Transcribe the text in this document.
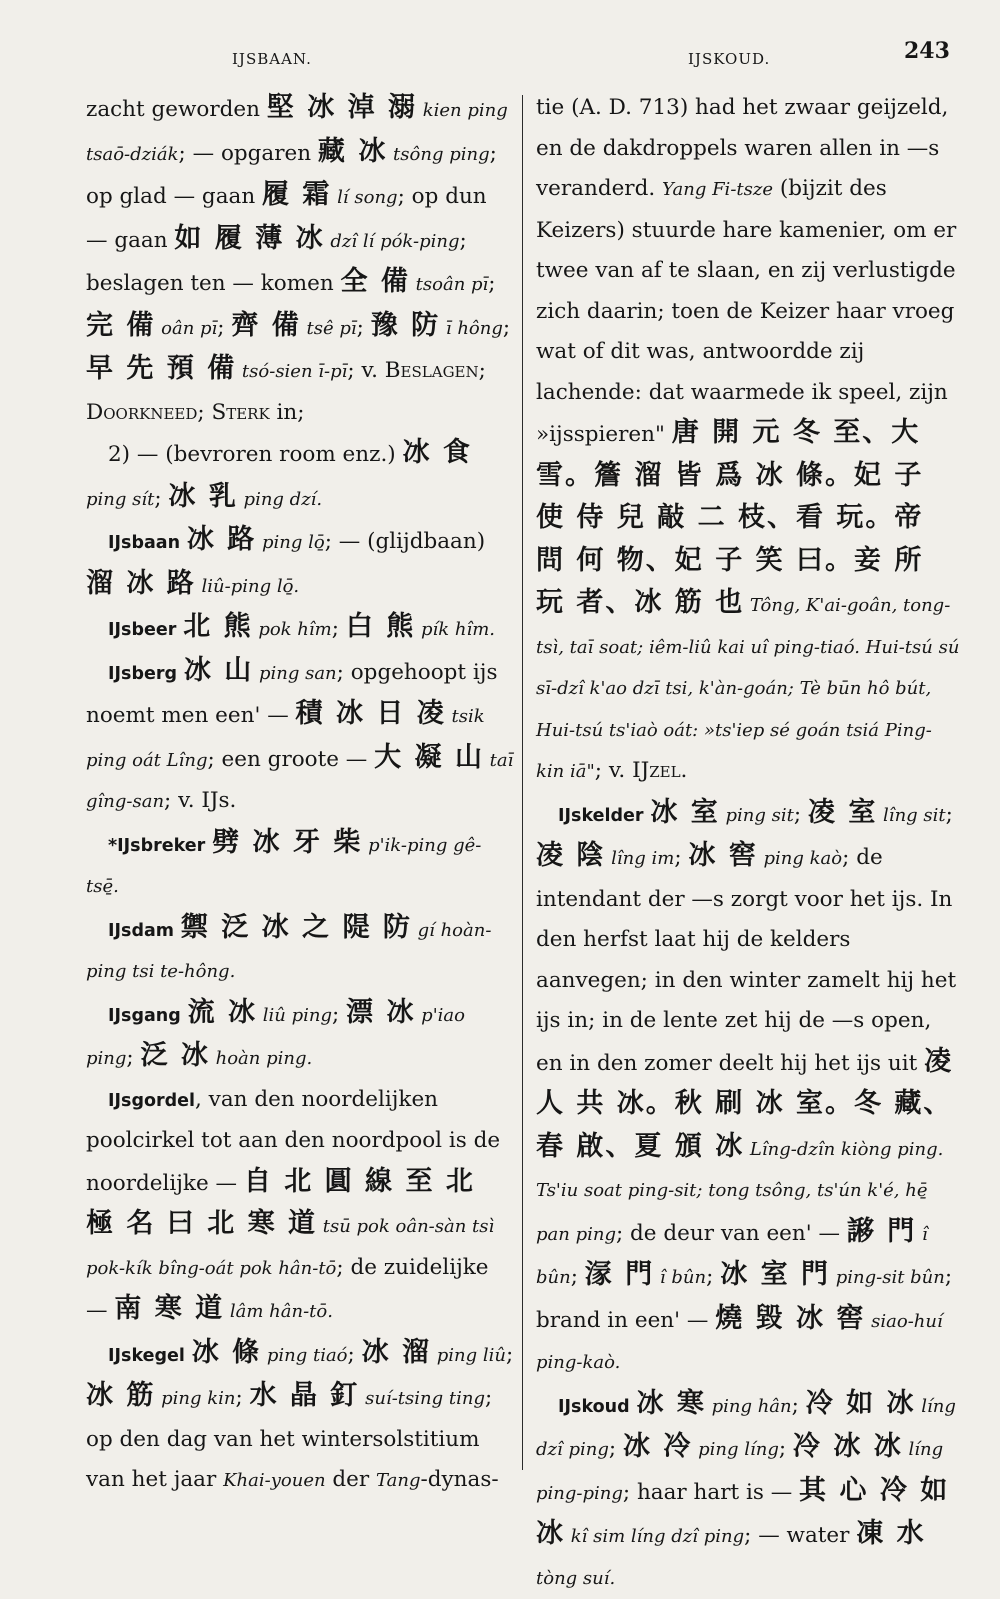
IJSBAAN.	IJSKOUD.	243

zacht geworden 堅 冰 淖 溺 kien ping tsaō-dziák; — opgaren 藏 冰 tsông ping; op glad — gaan 履 霜 lí song; op dun — gaan 如 履 薄 冰 dzî lí pók-ping; beslagen ten — komen 全 備 tsoân pī; 完 備 oân pī; 齊 備 tsê pī; 豫 防 ī hông; 早 先 預 備 tsó-sien ī-pī; v. Beslagen; Doorkneed; Sterk in;

2) — (bevroren room enz.) 冰 食 ping sít; 冰 乳 ping dzí.

IJsbaan 冰 路 ping lō̱; — (glijdbaan) 溜 冰 路 liû-ping lō̱.

IJsbeer 北 熊 pok hîm; 白 熊 pík hîm.

IJsberg 冰 山 ping san; opgehoopt ijs noemt men een' — 積 冰 日 凌 tsik ping oát Lîng; een groote — 大 凝 山 taī gîng-san; v. IJs.

*IJsbreker 劈 冰 牙 柴 p'ik-ping gê-tsē̱.

IJsdam 禦 泛 冰 之 隄 防 gí hoàn-ping tsi te-hông.

IJsgang 流 冰 liû ping; 漂 冰 p'iao ping; 泛 冰 hoàn ping.

IJsgordel, van den noordelijken poolcirkel tot aan den noordpool is de noordelijke — 自 北 圓 線 至 北 極 名 曰 北 寒 道 tsū pok oân-sàn tsì pok-kík bîng-oát pok hân-tō; de zuidelijke — 南 寒 道 lâm hân-tō.

IJskegel 冰 條 ping tiaó; 冰 溜 ping liû; 冰 筋 ping kin; 水 晶 釘 suí-tsing ting; op den dag van het wintersolstitium van het jaar Khai-youen der Tang-dynas-

tie (A. D. 713) had het zwaar geijzeld, en de dakdroppels waren allen in —s veranderd. Yang Fi-tsze (bijzit des Keizers) stuurde hare kamenier, om er twee van af te slaan, en zij verlustigde zich daarin; toen de Keizer haar vroeg wat of dit was, antwoordde zij lachende: dat waarmede ik speel, zijn »ijsspieren" 唐 開 元 冬 至、大 雪。簷 溜 皆 爲 冰 條。妃 子 使 侍 兒 敲 二 枝、看 玩。帝 問 何 物、妃 子 笑 曰。妾 所 玩 者、冰 筋 也 Tông, K'ai-goân, tong-tsì, taī soat; iêm-liû kai uî ping-tiaó. Hui-tsú sú sī-dzî k'ao dzī tsi, k'àn-goán; Tè būn hô bút, Hui-tsú ts'iaò oát: »ts'iep sé goán tsiá Ping-kin iā"; v. IJzel.

IJskelder 冰 室 ping sit; 凌 室 lîng sit; 凌 陰 lîng im; 冰 窖 ping kaò; de intendant der —s zorgt voor het ijs. In den herfst laat hij de kelders aanvegen; in den winter zamelt hij het ijs in; in de lente zet hij de —s open, en in den zomer deelt hij het ijs uit 凌 人 共 冰。秋 刷 冰 室。冬 藏、春 啟、夏 頒 冰 Lîng-dzîn kiòng ping. Ts'iu soat ping-sit; tong tsông, ts'ún k'é, hē̱ pan ping; de deur van een' — 謻 門 î bûn; 溕 門 î bûn; 冰 室 門 ping-sit bûn; brand in een' — 燒 毀 冰 窖 siao-huí ping-kaò.

IJskoud 冰 寒 ping hân; 冷 如 冰 líng dzî ping; 冰 冷 ping líng; 冷 冰 冰 líng ping-ping; haar hart is — 其 心 冷 如 冰 kî sim líng dzî ping; — water 凍 水 tòng suí.
